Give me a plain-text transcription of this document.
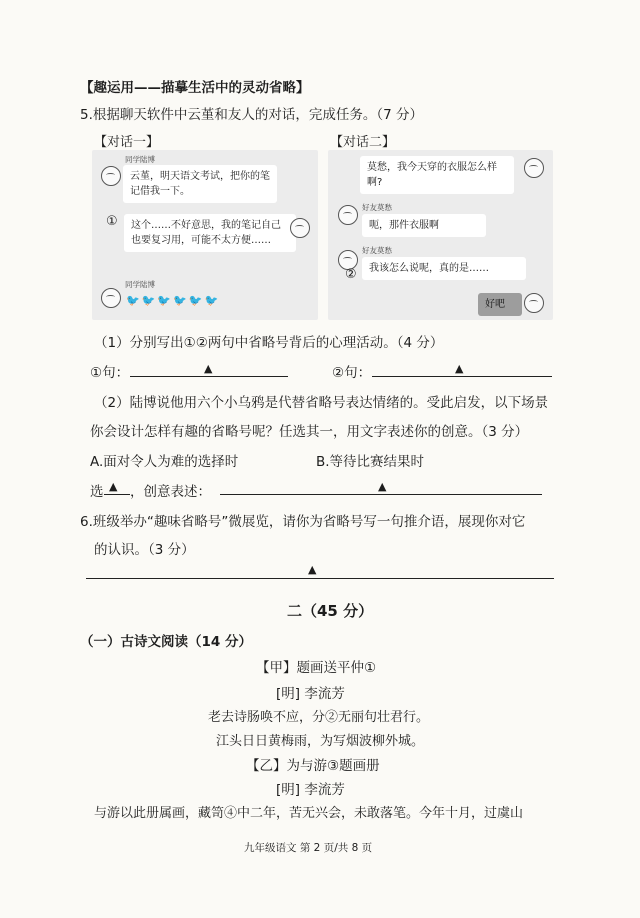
【趣运用——描摹生活中的灵动省略】
5.根据聊天软件中云堇和友人的对话，完成任务。（7 分）
【对话一】
同学陆博
云堇，明天语文考试，把你的笔记借我一下。
①	这个……不好意思，我的笔记自己也要复习用，可能不太方便……
同学陆博
🐦🐦🐦🐦🐦🐦
【对话二】
莫愁，我今天穿的衣服怎么样啊?
好友莫愁
呃，那件衣服啊
②
好友莫愁
我该怎么说呢，真的是……
好吧
（1）分别写出①②两句中省略号背后的心理活动。（4 分）
①句：	▲	②句：	▲
（2）陆博说他用六个小乌鸦是代替省略号表达情绪的。受此启发，以下场景
你会设计怎样有趣的省略号呢？任选其一，用文字表述你的创意。（3 分）
A.面对令人为难的选择时	B.等待比赛结果时
选 ▲ ，创意表述：	▲
6.班级举办“趣味省略号”微展览，请你为省略号写一句推介语，展现你对它
的认识。（3 分）
▲
二（45 分）
（一）古诗文阅读（14 分）
【甲】题画送平仲①
[明] 李流芳
老去诗肠唤不应，分②无丽句壮君行。
江头日日黄梅雨，为写烟波柳外城。
【乙】为与游③题画册
[明] 李流芳
与游以此册属画，藏笥④中二年，苦无兴会，未敢落笔。今年十月，过虞山
九年级语文 第 2 页/共 8 页
